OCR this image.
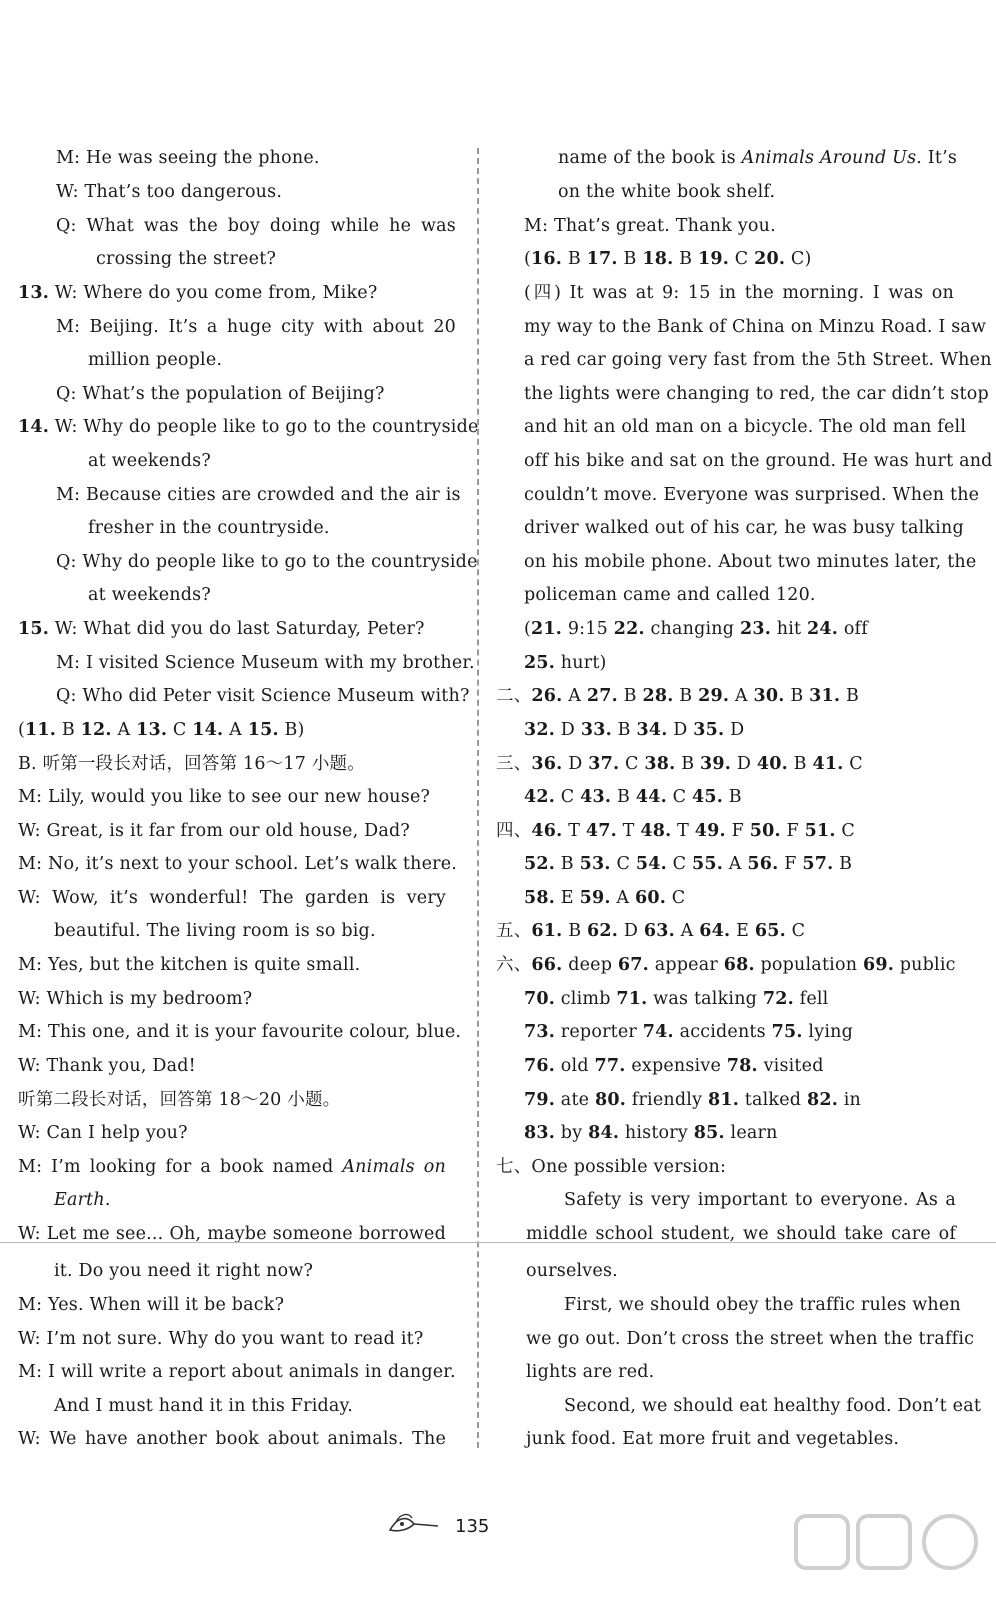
M: He was seeing the phone.
W: That’s too dangerous.
Q: What was the boy doing while he was
crossing the street?
13. W: Where do you come from, Mike?
M: Beijing. It’s a huge city with about 20
million people.
Q: What’s the population of Beijing?
14. W: Why do people like to go to the countryside
at weekends?
M: Because cities are crowded and the air is
fresher in the countryside.
Q: Why do people like to go to the countryside
at weekends?
15. W: What did you do last Saturday, Peter?
M: I visited Science Museum with my brother.
Q: Who did Peter visit Science Museum with?
(11. B 12. A 13. C 14. A 15. B)
B. 听第一段长对话，回答第 16～17 小题。
M: Lily, would you like to see our new house?
W: Great, is it far from our old house, Dad?
M: No, it’s next to your school. Let’s walk there.
W: Wow, it’s wonderful! The garden is very
beautiful. The living room is so big.
M: Yes, but the kitchen is quite small.
W: Which is my bedroom?
M: This one, and it is your favourite colour, blue.
W: Thank you, Dad!
听第二段长对话，回答第 18～20 小题。
W: Can I help you?
M: I’m looking for a book named Animals on
Earth.
W: Let me see... Oh, maybe someone borrowed
it. Do you need it right now?
M: Yes. When will it be back?
W: I’m not sure. Why do you want to read it?
M: I will write a report about animals in danger.
And I must hand it in this Friday.
W: We have another book about animals. The
name of the book is Animals Around Us. It’s
on the white book shelf.
M: That’s great. Thank you.
(16. B 17. B 18. B 19. C 20. C)
(四) It was at 9: 15 in the morning. I was on
my way to the Bank of China on Minzu Road. I saw
a red car going very fast from the 5th Street. When
the lights were changing to red, the car didn’t stop
and hit an old man on a bicycle. The old man fell
off his bike and sat on the ground. He was hurt and
couldn’t move. Everyone was surprised. When the
driver walked out of his car, he was busy talking
on his mobile phone. About two minutes later, the
policeman came and called 120.
(21. 9:15 22. changing 23. hit 24. off
25. hurt)
二、26. A 27. B 28. B 29. A 30. B 31. B
32. D 33. B 34. D 35. D
三、36. D 37. C 38. B 39. D 40. B 41. C
42. C 43. B 44. C 45. B
四、46. T 47. T 48. T 49. F 50. F 51. C
52. B 53. C 54. C 55. A 56. F 57. B
58. E 59. A 60. C
五、61. B 62. D 63. A 64. E 65. C
六、66. deep 67. appear 68. population 69. public
70. climb 71. was talking 72. fell
73. reporter 74. accidents 75. lying
76. old 77. expensive 78. visited
79. ate 80. friendly 81. talked 82. in
83. by 84. history 85. learn
七、One possible version:
Safety is very important to everyone. As a
middle school student, we should take care of
ourselves.
First, we should obey the traffic rules when
we go out. Don’t cross the street when the traffic
lights are red.
Second, we should eat healthy food. Don’t eat
junk food. Eat more fruit and vegetables.
135
